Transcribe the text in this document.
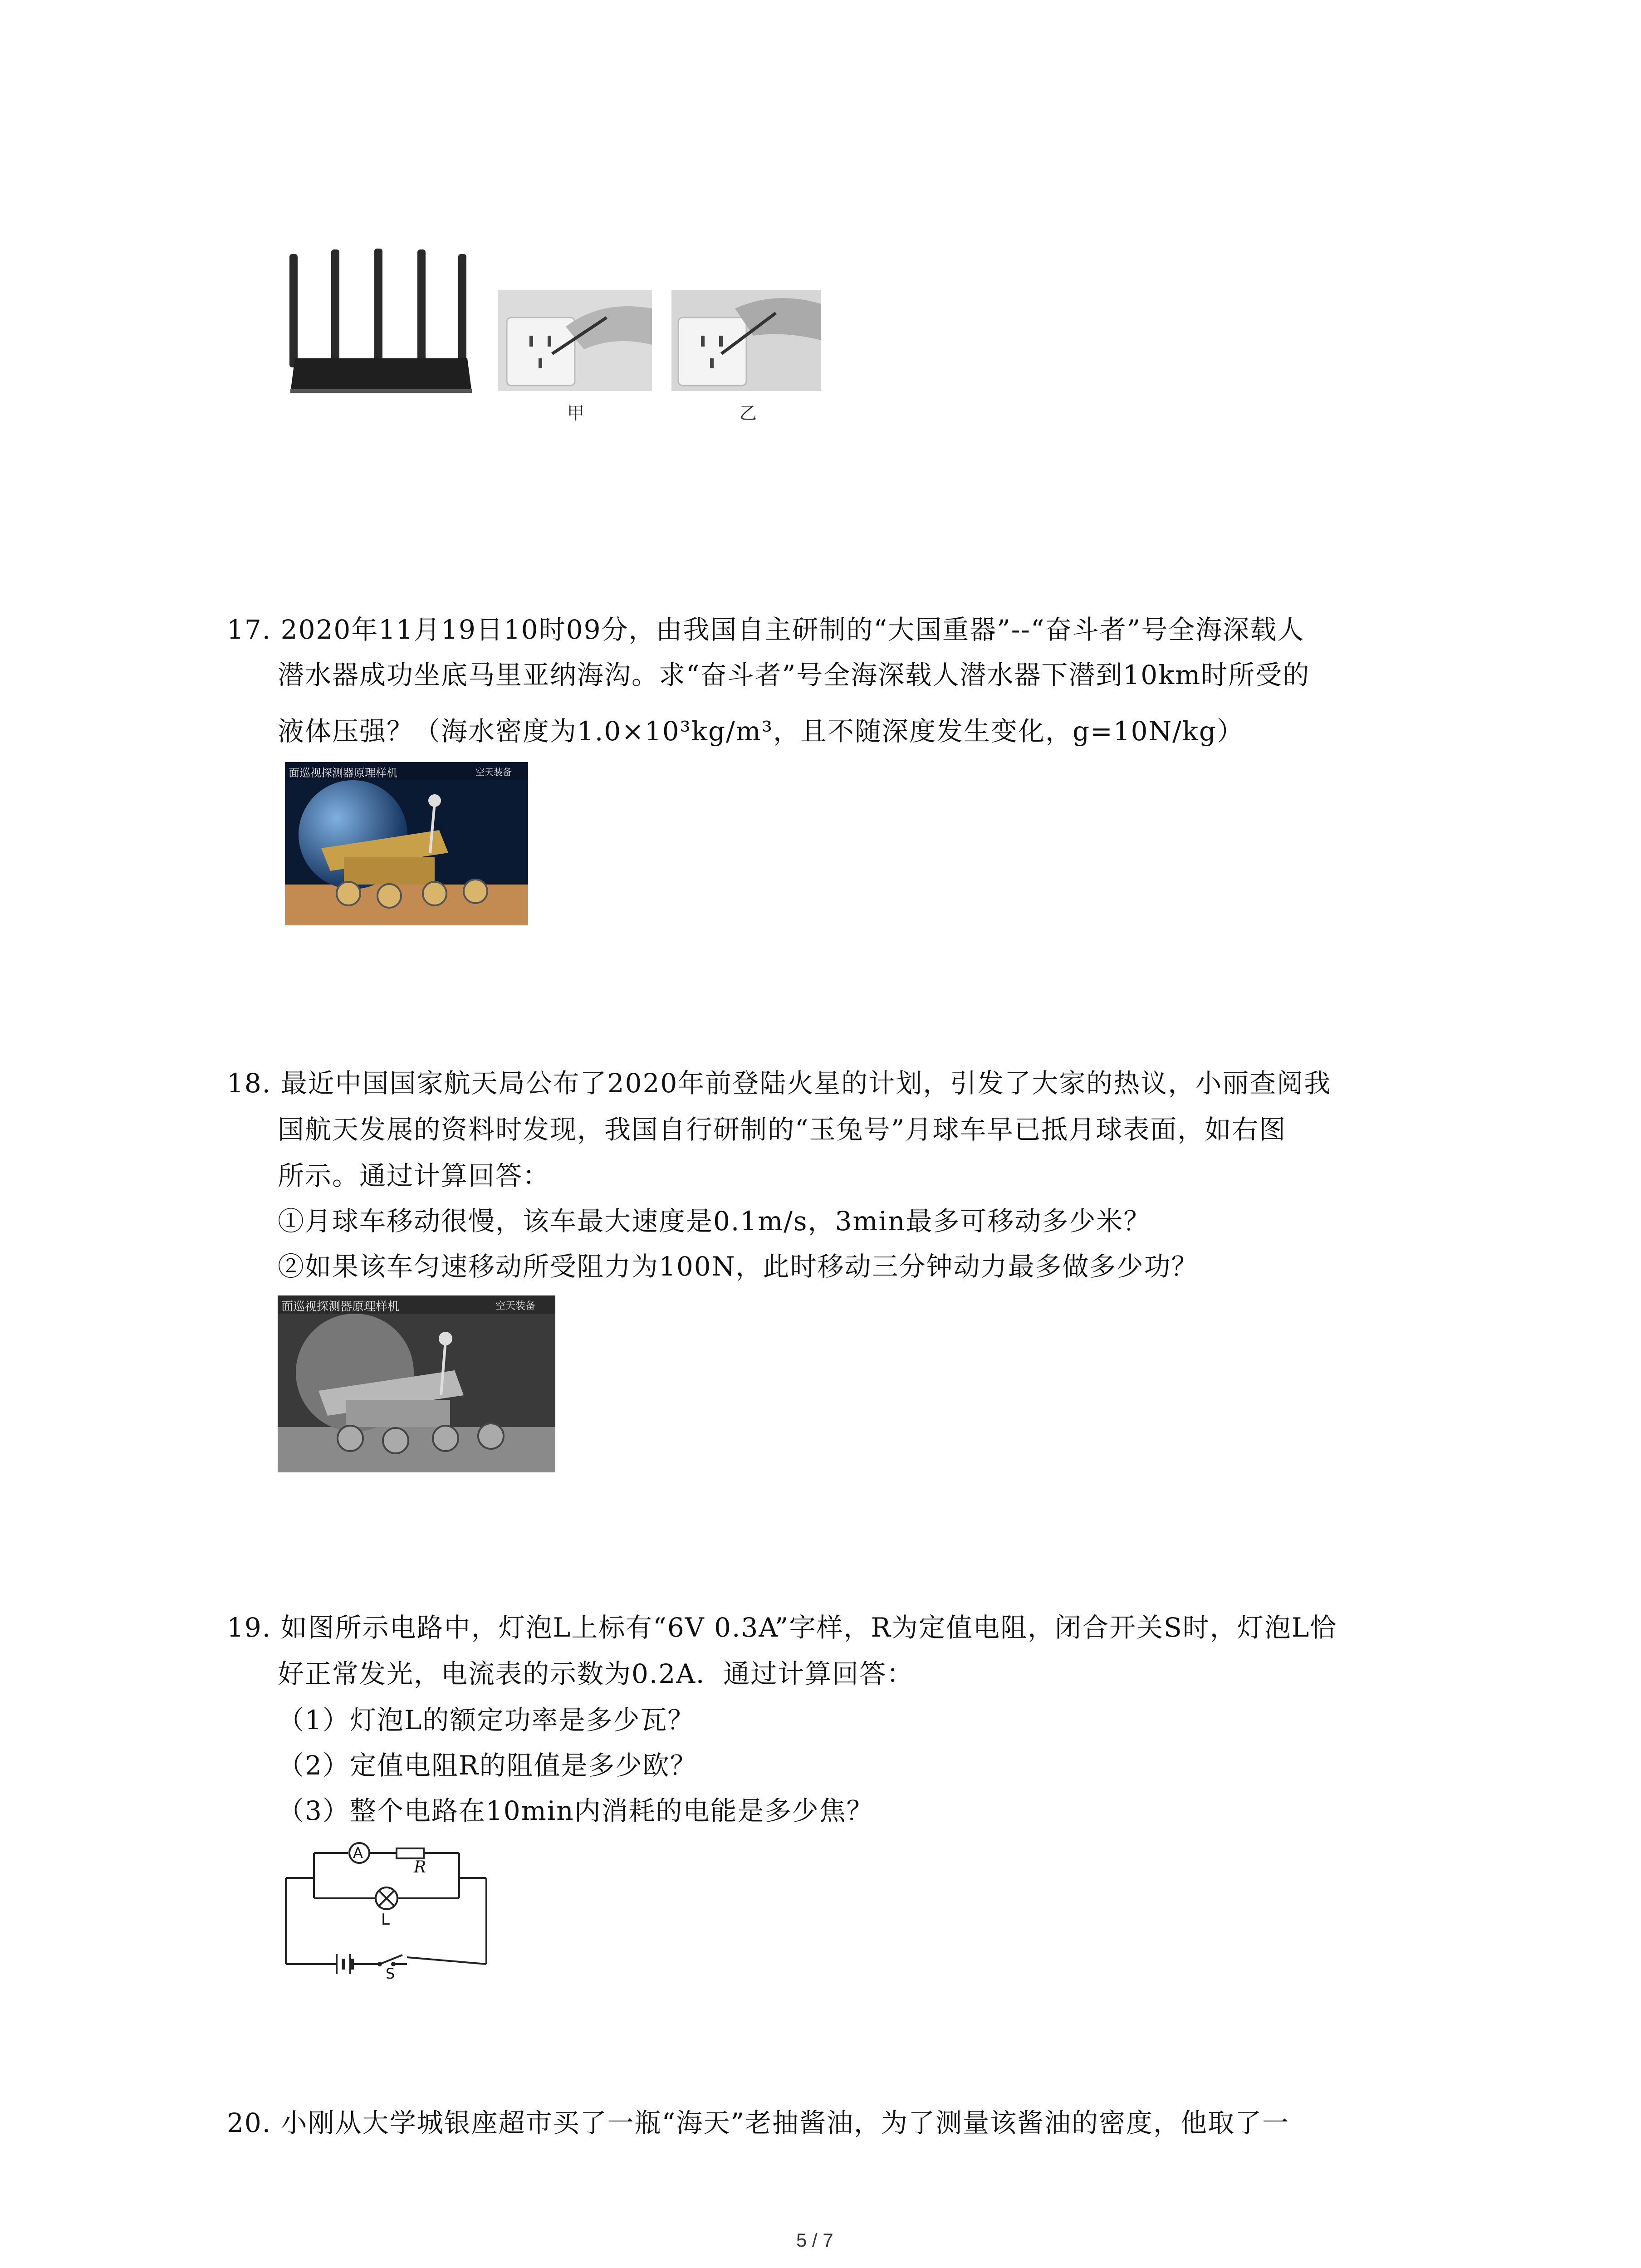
甲	乙
17. 2020年11月19日10时09分，由我国自主研制的“大国重器”--“奋斗者”号全海深载人
潜水器成功坐底马里亚纳海沟。求“奋斗者”号全海深载人潜水器下潜到10km时所受的
液体压强？（海水密度为1.0×10³kg/m³，且不随深度发生变化，g=10N/kg）
面巡视探测器原理样机	空天装备
18. 最近中国国家航天局公布了2020年前登陆火星的计划，引发了大家的热议，小丽查阅我
国航天发展的资料时发现，我国自行研制的“玉兔号”月球车早已抵月球表面，如右图
所示。通过计算回答：
①月球车移动很慢，该车最大速度是0.1m/s，3min最多可移动多少米？
②如果该车匀速移动所受阻力为100N，此时移动三分钟动力最多做多少功？
面巡视探测器原理样机	空天装备
19. 如图所示电路中，灯泡L上标有“6V 0.3A”字样，R为定值电阻，闭合开关S时，灯泡L恰
好正常发光，电流表的示数为0.2A．通过计算回答：
（1）灯泡L的额定功率是多少瓦？
（2）定值电阻R的阻值是多少欧？
（3）整个电路在10min内消耗的电能是多少焦？
A
R
L
S
20. 小刚从大学城银座超市买了一瓶“海天”老抽酱油，为了测量该酱油的密度，他取了一
5 / 7
